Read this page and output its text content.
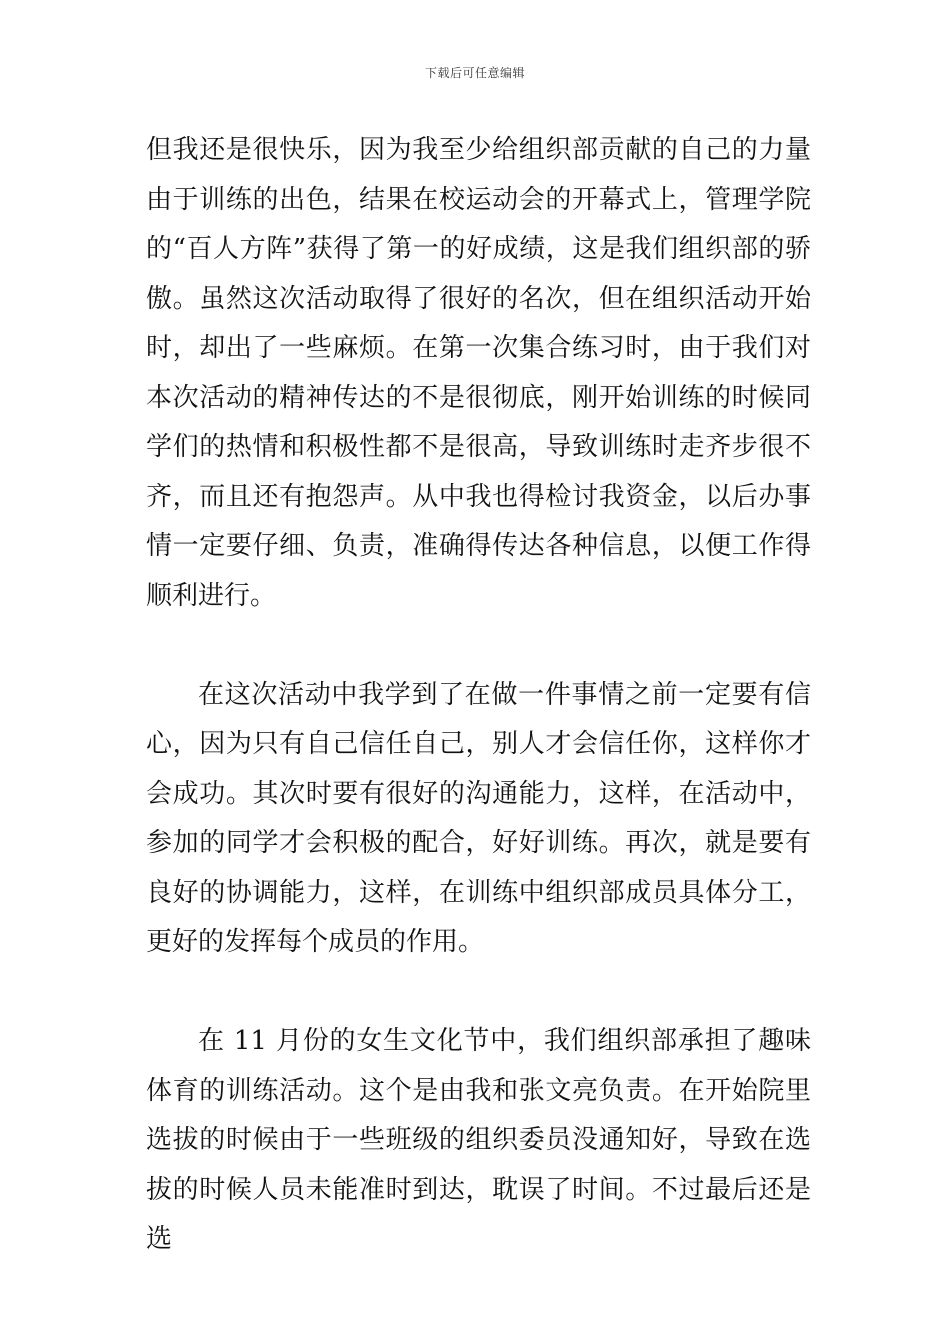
下载后可任意编辑

但我还是很快乐，因为我至少给组织部贡献的自己的力量由于训练的出色，结果在校运动会的开幕式上，管理学院的“百人方阵”获得了第一的好成绩，这是我们组织部的骄傲。虽然这次活动取得了很好的名次，但在组织活动开始时，却出了一些麻烦。在第一次集合练习时，由于我们对本次活动的精神传达的不是很彻底，刚开始训练的时候同学们的热情和积极性都不是很高，导致训练时走齐步很不齐，而且还有抱怨声。从中我也得检讨我资金，以后办事情一定要仔细、负责，准确得传达各种信息，以便工作得顺利进行。

在这次活动中我学到了在做一件事情之前一定要有信心，因为只有自己信任自己，别人才会信任你，这样你才会成功。其次时要有很好的沟通能力，这样，在活动中，参加的同学才会积极的配合，好好训练。再次，就是要有良好的协调能力，这样，在训练中组织部成员具体分工，更好的发挥每个成员的作用。

在 11 月份的女生文化节中，我们组织部承担了趣味体育的训练活动。这个是由我和张文亮负责。在开始院里选拔的时候由于一些班级的组织委员没通知好，导致在选拔的时候人员未能准时到达，耽误了时间。不过最后还是选
